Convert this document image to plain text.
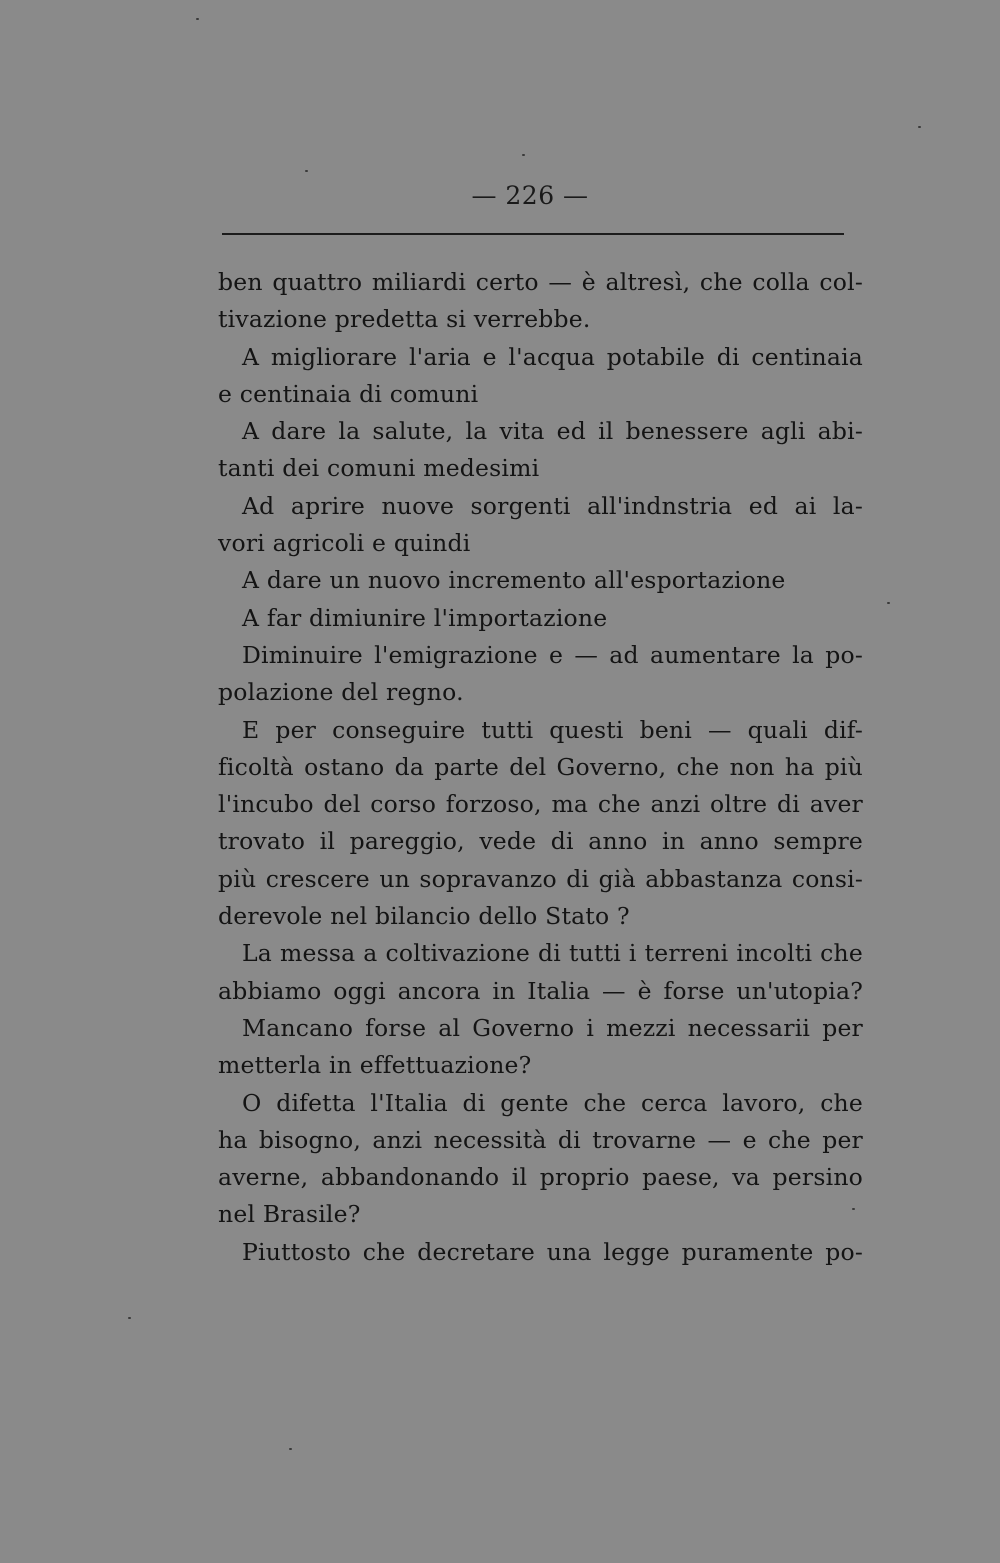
— 226 —
ben quattro miliardi certo — è altresì, che colla col-
tivazione predetta si verrebbe.
A migliorare l'aria e l'acqua potabile di centinaia
e centinaia di comuni
A dare la salute, la vita ed il benessere agli abi-
tanti dei comuni medesimi
Ad aprire nuove sorgenti all'indnstria ed ai la-
vori agricoli e quindi
A dare un nuovo incremento all'esportazione
A far dimiunire l'importazione
Diminuire l'emigrazione e — ad aumentare la po-
polazione del regno.
E per conseguire tutti questi beni — quali dif-
ficoltà ostano da parte del Governo, che non ha più
l'incubo del corso forzoso, ma che anzi oltre di aver
trovato il pareggio, vede di anno in anno sempre
più crescere un sopravanzo di già abbastanza consi-
derevole nel bilancio dello Stato ?
La messa a coltivazione di tutti i terreni incolti che
abbiamo oggi ancora in Italia — è forse un'utopia?
Mancano forse al Governo i mezzi necessarii per
metterla in effettuazione?
O difetta l'Italia di gente che cerca lavoro, che
ha bisogno, anzi necessità di trovarne — e che per
averne, abbandonando il proprio paese, va persino
nel Brasile?
Piuttosto che decretare una legge puramente po-
